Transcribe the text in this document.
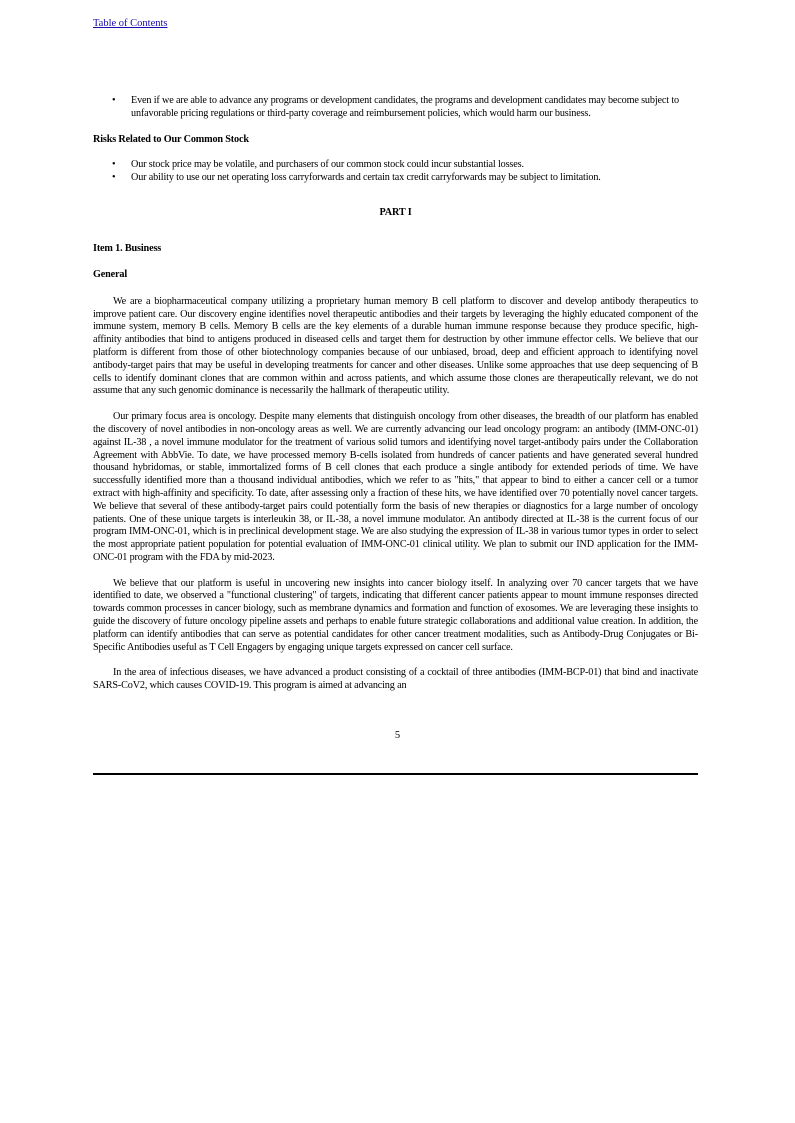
Table of Contents
• Even if we are able to advance any programs or development candidates, the programs and development candidates may become subject to unfavorable pricing regulations or third-party coverage and reimbursement policies, which would harm our business.

Risks Related to Our Common Stock

• Our stock price may be volatile, and purchasers of our common stock could incur substantial losses.
• Our ability to use our net operating loss carryforwards and certain tax credit carryforwards may be subject to limitation.

PART I

Item 1. Business

General

We are a biopharmaceutical company utilizing a proprietary human memory B cell platform to discover and develop antibody therapeutics to improve patient care. Our discovery engine identifies novel therapeutic antibodies and their targets by leveraging the highly educated component of the immune system, memory B cells. Memory B cells are the key elements of a durable human immune response because they produce specific, high-affinity antibodies that bind to antigens produced in diseased cells and target them for destruction by other immune effector cells. We believe that our platform is different from those of other biotechnology companies because of our unbiased, broad, deep and efficient approach to identifying novel antibody-target pairs that may be useful in developing treatments for cancer and other diseases. Unlike some approaches that use deep sequencing of B cells to identify dominant clones that are common within and across patients, and which assume those clones are therapeutically relevant, we do not assume that any such genomic dominance is necessarily the hallmark of therapeutic utility.

Our primary focus area is oncology. Despite many elements that distinguish oncology from other diseases, the breadth of our platform has enabled the discovery of novel antibodies in non-oncology areas as well. We are currently advancing our lead oncology program: an antibody (IMM-ONC-01) against IL-38 , a novel immune modulator for the treatment of various solid tumors and identifying novel target-antibody pairs under the Collaboration Agreement with AbbVie. To date, we have processed memory B-cells isolated from hundreds of cancer patients and have generated several hundred thousand hybridomas, or stable, immortalized forms of B cell clones that each produce a single antibody for extended periods of time. We have successfully identified more than a thousand individual antibodies, which we refer to as "hits," that appear to bind to either a cancer cell or a tumor extract with high-affinity and specificity. To date, after assessing only a fraction of these hits, we have identified over 70 potentially novel cancer targets. We believe that several of these antibody-target pairs could potentially form the basis of new therapies or diagnostics for a large number of oncology patients. One of these unique targets is interleukin 38, or IL-38, a novel immune modulator. An antibody directed at IL-38 is the current focus of our program IMM-ONC-01, which is in preclinical development stage. We are also studying the expression of IL-38 in various tumor types in order to select the most appropriate patient population for potential evaluation of IMM-ONC-01 clinical utility. We plan to submit our IND application for the IMM-ONC-01 program with the FDA by mid-2023.

We believe that our platform is useful in uncovering new insights into cancer biology itself. In analyzing over 70 cancer targets that we have identified to date, we observed a "functional clustering" of targets, indicating that different cancer patients appear to mount immune responses directed towards common processes in cancer biology, such as membrane dynamics and formation and function of exosomes. We are leveraging these insights to guide the discovery of future oncology pipeline assets and perhaps to enable future strategic collaborations and additional value creation. In addition, the platform can identify antibodies that can serve as potential candidates for other cancer treatment modalities, such as Antibody-Drug Conjugates or Bi-Specific Antibodies useful as T Cell Engagers by engaging unique targets expressed on cancer cell surface.

In the area of infectious diseases, we have advanced a product consisting of a cocktail of three antibodies (IMM-BCP-01) that bind and inactivate SARS-CoV2, which causes COVID-19. This program is aimed at advancing an

5
